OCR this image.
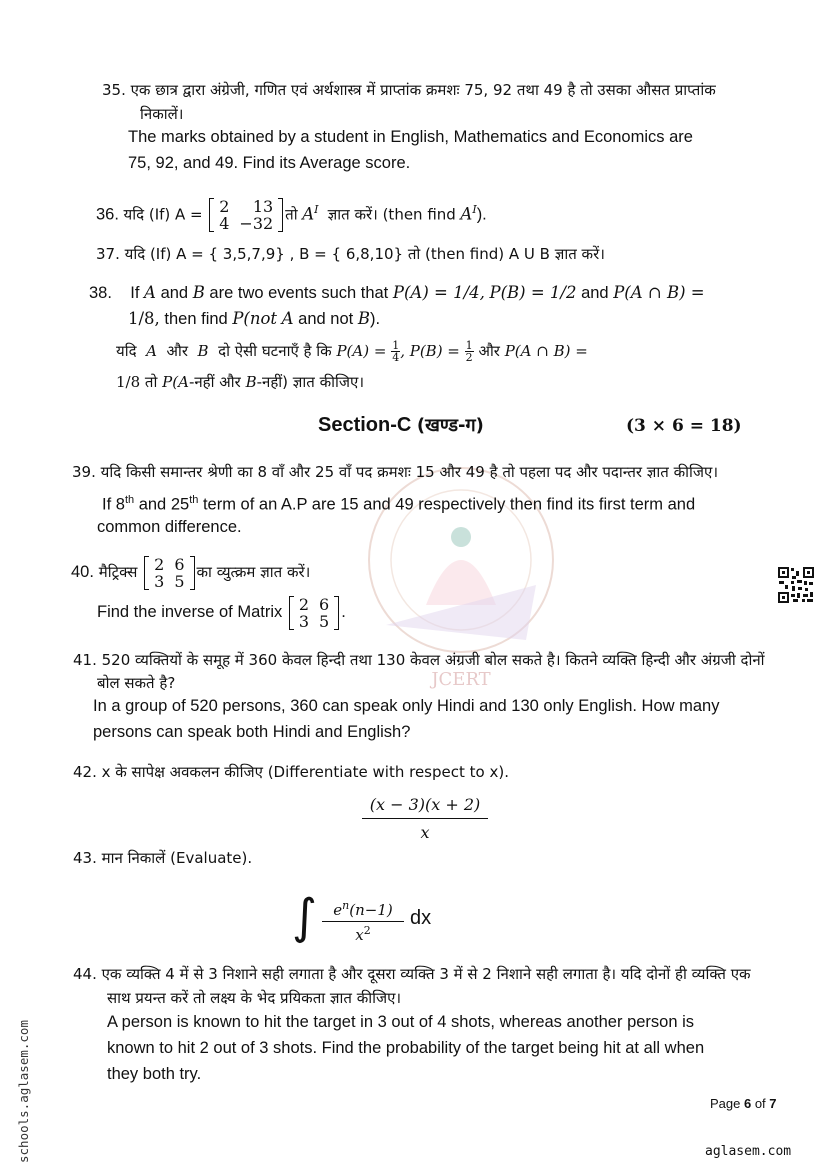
JCERT
35. एक छात्र द्वारा अंग्रेजी, गणित एवं अर्थशास्त्र में प्राप्तांक क्रमशः 75, 92 तथा 49 है तो उसका औसत प्राप्तांक
निकालें।
The marks obtained by a student in English, Mathematics and Economics are
75, 92, and 49. Find its Average score.
36. यदि (If) A = 2	13
4	−32 तो $A^I$ ज्ञात करें। (then find $A^I$).
37. यदि (If) A = { 3,5,7,9} , B = { 6,8,10} तो (then find) A U B ज्ञात करें।
38. If A and B are two events such that P(A) = 1/4, P(B) = 1/2 and P(A ∩ B) =
1/8, then find P(not A and not B).
यदि A और B दो ऐसी घटनाएँ है कि $P(A) = \frac{1}{4}$ , $P(B) = \frac{1}{2}$ और P(A ∩ B) =
1/8 तो P(A-नहीं और B-नहीं) ज्ञात कीजिए।
Section-C (खण्ड-ग)	(3 × 6 = 18)
39. यदि किसी समान्तर श्रेणी का 8 वाँ और 25 वाँ पद क्रमशः 15 और 49 है तो पहला पद और पदान्तर ज्ञात कीजिए।
If 8th and 25th term of an A.P are 15 and 49 respectively then find its first term and
common difference.
40. मैट्रिक्स 2	6
3	5 का व्युत्क्रम ज्ञात करें।
Find the inverse of Matrix 2	6
3	5 .
41. 520 व्यक्तियों के समूह में 360 केवल हिन्दी तथा 130 केवल अंग्रजी बोल सकते है। कितने व्यक्ति हिन्दी और अंग्रजी दोनों
बोल सकते है?
In a group of 520 persons, 360 can speak only Hindi and 130 only English. How many
persons can speak both Hindi and English?
42. x के सापेक्ष अवकलन कीजिए (Differentiate with respect to x).
$\frac{(x - 3)(x + 2)}{x}$
43. मान निकालें (Evaluate).
∫	$e^n(n-1)$
$x^2$
dx
44. एक व्यक्ति 4 में से 3 निशाने सही लगाता है और दूसरा व्यक्ति 3 में से 2 निशाने सही लगाता है। यदि दोनों ही व्यक्ति एक
साथ प्रयन्त करें तो लक्ष्य के भेद प्रयिकता ज्ञात कीजिए।
A person is known to hit the target in 3 out of 4 shots, whereas another person is
known to hit 2 out of 3 shots. Find the probability of the target being hit at all when
they both try.
Page 6 of 7
aglasem.com
schools.aglasem.com
